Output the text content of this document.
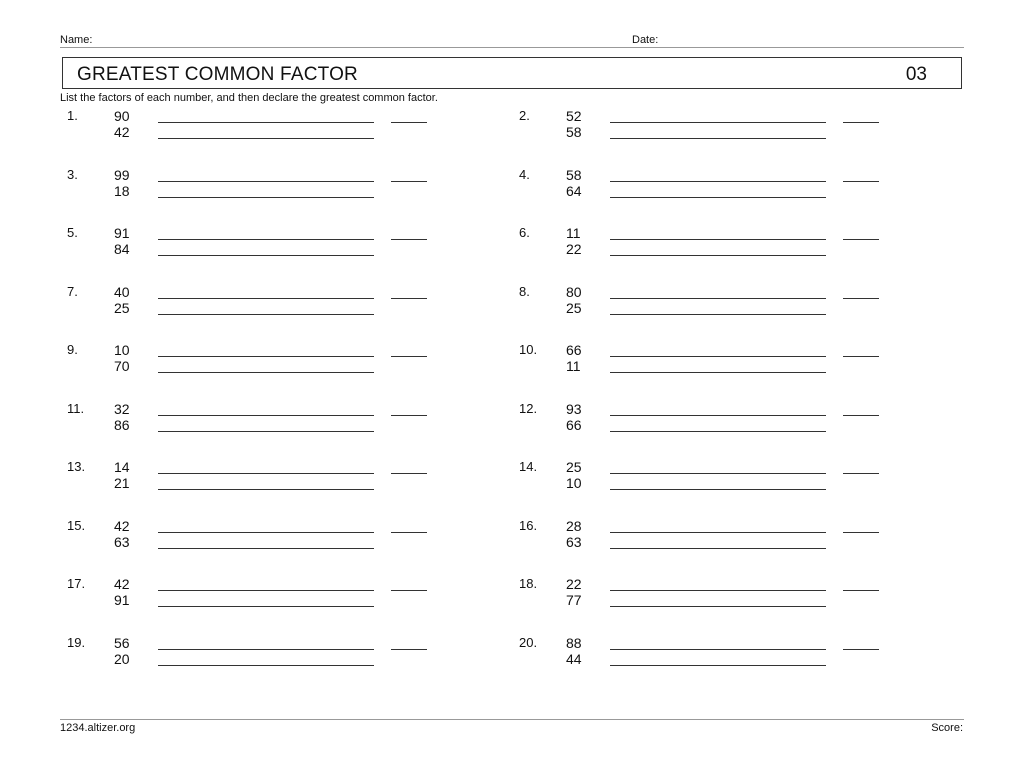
Name:	Date:
GREATEST COMMON FACTOR	03
List the factors of each number, and then declare the greatest common factor.
1.	90
42
2.	52
58
3.	99
18
4.	58
64
5.	91
84
6.	11
22
7.	40
25
8.	80
25
9.	10
70
10. 66
11
11. 32
86
12. 93
66
13. 14
21
14. 25
10
15. 42
63
16. 28
63
17. 42
91
18. 22
77
19. 56
20
20. 88
44
1234.altizer.org	Score:
